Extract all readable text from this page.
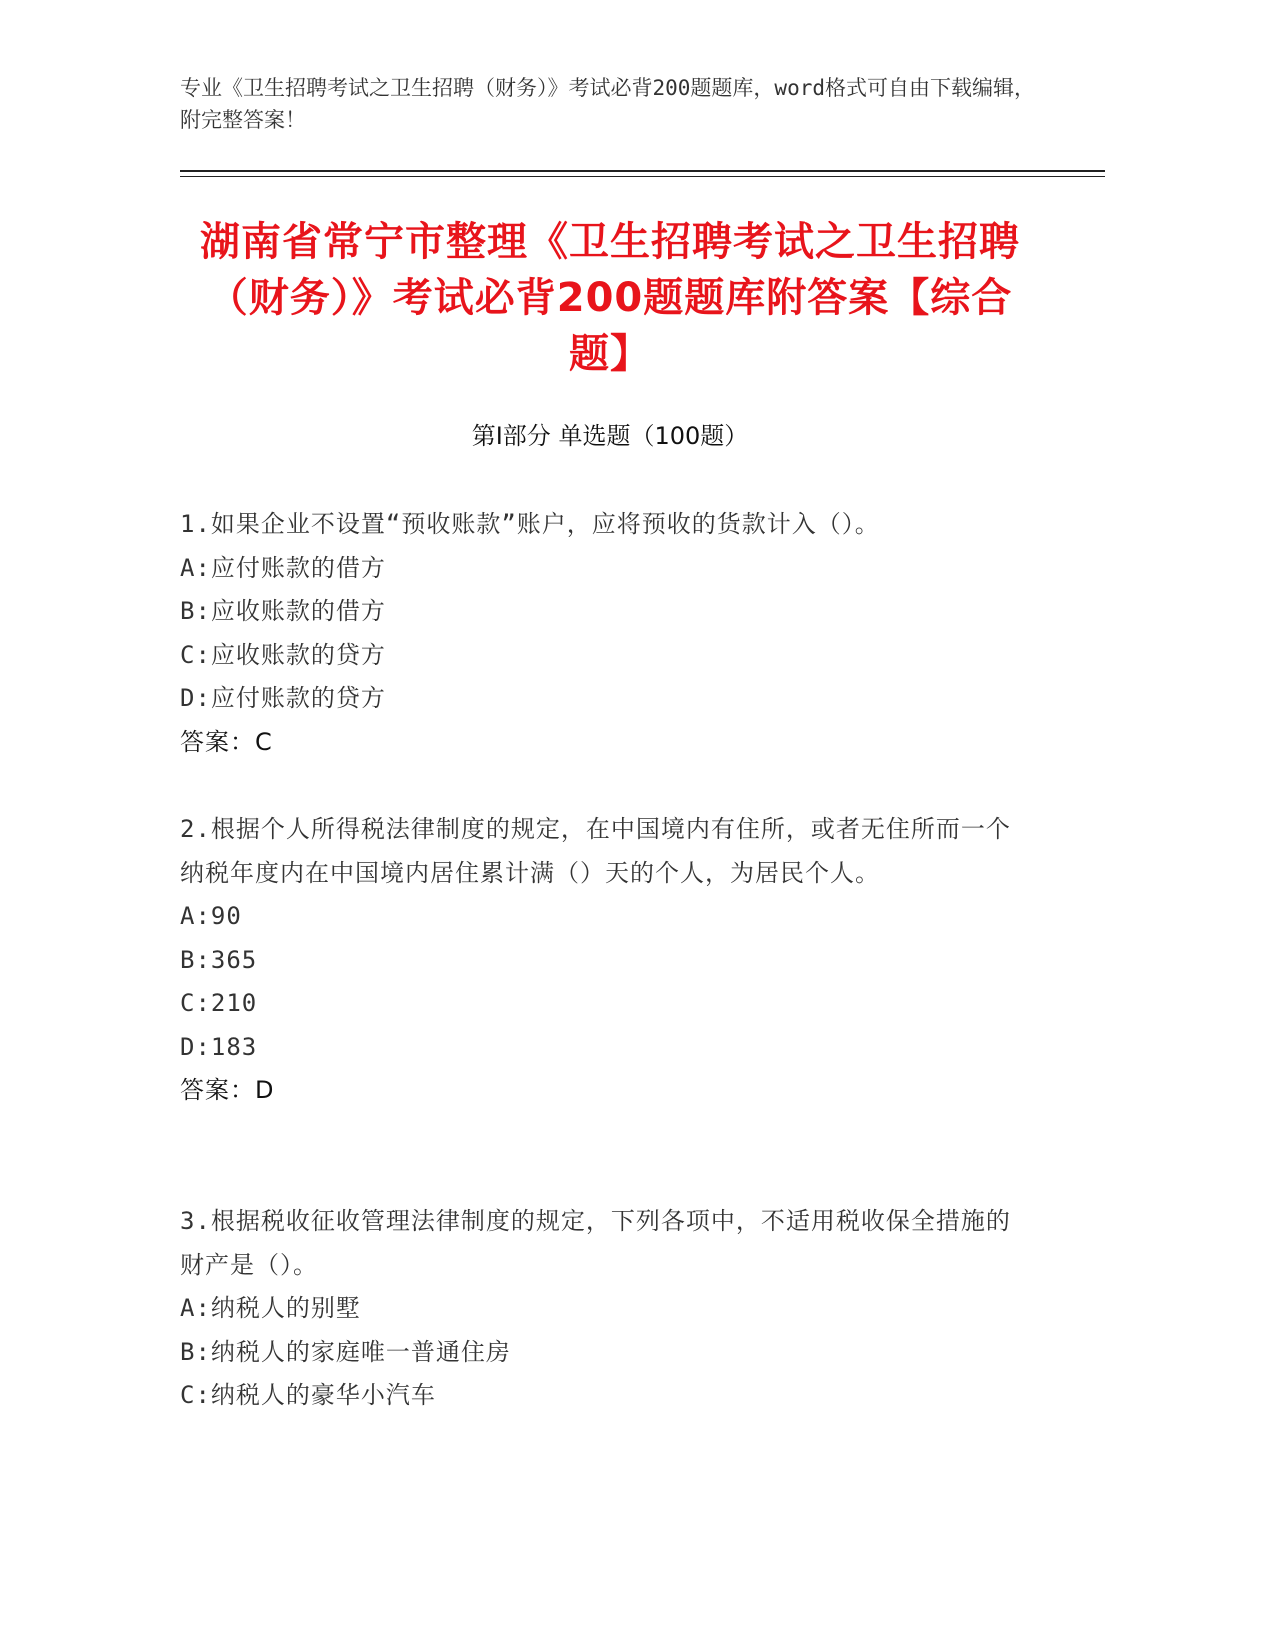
专业《卫生招聘考试之卫生招聘（财务）》考试必背200题题库，word格式可自由下载编辑，附完整答案！
湖南省常宁市整理《卫生招聘考试之卫生招聘（财务）》考试必背200题题库附答案【综合题】
第Ⅰ部分 单选题（100题）
1.如果企业不设置“预收账款”账户，应将预收的货款计入（）。
A:应付账款的借方
B:应收账款的借方
C:应收账款的贷方
D:应付账款的贷方
答案：C
2.根据个人所得税法律制度的规定，在中国境内有住所，或者无住所而一个纳税年度内在中国境内居住累计满（）天的个人，为居民个人。
A:90
B:365
C:210
D:183
答案：D
3.根据税收征收管理法律制度的规定，下列各项中，不适用税收保全措施的财产是（）。
A:纳税人的别墅
B:纳税人的家庭唯一普通住房
C:纳税人的豪华小汽车
